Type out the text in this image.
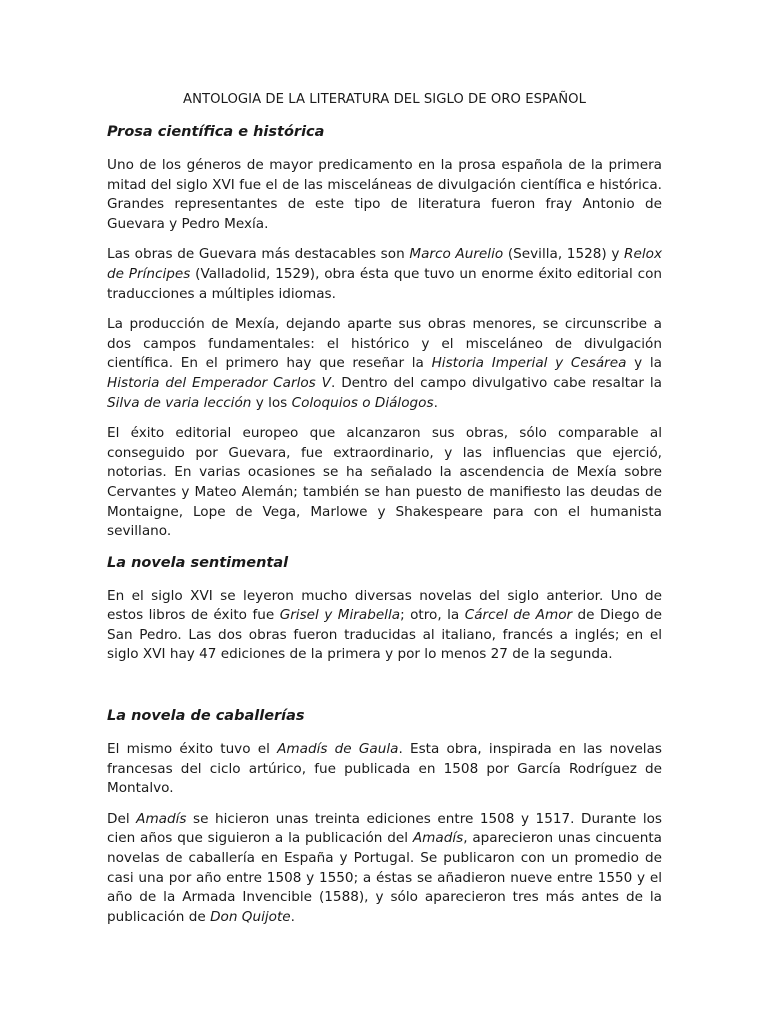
ANTOLOGIA DE LA LITERATURA DEL SIGLO DE ORO ESPAÑOL
Prosa científica e histórica

Uno de los géneros de mayor predicamento en la prosa española de la primera mitad del siglo XVI fue el de las misceláneas de divulgación científica e histórica. Grandes representantes de este tipo de literatura fueron fray Antonio de Guevara y Pedro Mexía.

Las obras de Guevara más destacables son Marco Aurelio (Sevilla, 1528) y Relox de Príncipes (Valladolid, 1529), obra ésta que tuvo un enorme éxito editorial con traducciones a múltiples idiomas.

La producción de Mexía, dejando aparte sus obras menores, se circunscribe a dos campos fundamentales: el histórico y el misceláneo de divulgación científica. En el primero hay que reseñar la Historia Imperial y Cesárea y la Historia del Emperador Carlos V. Dentro del campo divulgativo cabe resaltar la Silva de varia lección y los Coloquios o Diálogos.

El éxito editorial europeo que alcanzaron sus obras, sólo comparable al conseguido por Guevara, fue extraordinario, y las influencias que ejerció, notorias. En varias ocasiones se ha señalado la ascendencia de Mexía sobre Cervantes y Mateo Alemán; también se han puesto de manifiesto las deudas de Montaigne, Lope de Vega, Marlowe y Shakespeare para con el humanista sevillano.

La novela sentimental

En el siglo XVI se leyeron mucho diversas novelas del siglo anterior. Uno de estos libros de éxito fue Grisel y Mirabella; otro, la Cárcel de Amor de Diego de San Pedro. Las dos obras fueron traducidas al italiano, francés a inglés; en el siglo XVI hay 47 ediciones de la primera y por lo menos 27 de la segunda.

La novela de caballerías

El mismo éxito tuvo el Amadís de Gaula. Esta obra, inspirada en las novelas francesas del ciclo artúrico, fue publicada en 1508 por García Rodríguez de Montalvo.

Del Amadís se hicieron unas treinta ediciones entre 1508 y 1517. Durante los cien años que siguieron a la publicación del Amadís, aparecieron unas cincuenta novelas de caballería en España y Portugal. Se publicaron con un promedio de casi una por año entre 1508 y 1550; a éstas se añadieron nueve entre 1550 y el año de la Armada Invencible (1588), y sólo aparecieron tres más antes de la publicación de Don Quijote.
